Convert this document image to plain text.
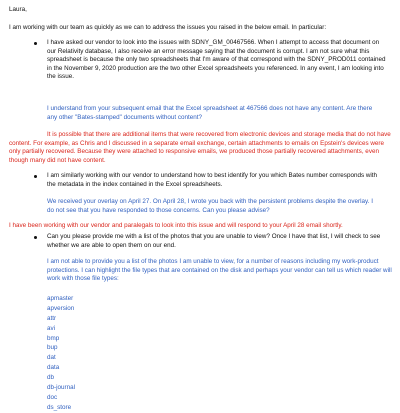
Laura,

I am working with our team as quickly as we can to address the issues you raised in the below email. In particular:

I have asked our vendor to look into the issues with SDNY_GM_00467566. When I attempt to access that document on our Relativity database, I also receive an error message saying that the document is corrupt. I am not sure what this spreadsheet is because the only two spreadsheets that I'm aware of that correspond with the SDNY_PROD011 contained in the November 9, 2020 production are the two other Excel spreadsheets you referenced. In any event, I am looking into the issue.

I understand from your subsequent email that the Excel spreadsheet at 467566 does not have any content. Are there any other "Bates-stamped" documents without content?

It is possible that there are additional items that were recovered from electronic devices and storage media that do not have content. For example, as Chris and I discussed in a separate email exchange, certain attachments to emails on Epstein's devices were only partially recovered. Because they were attached to responsive emails, we produced those partially recovered attachments, even though many did not have content.

I am similarly working with our vendor to understand how to best identify for you which Bates number corresponds with the metadata in the index contained in the Excel spreadsheets.

We received your overlay on April 27. On April 28, I wrote you back with the persistent problems despite the overlay. I do not see that you have responded to those concerns. Can you please advise?

I have been working with our vendor and paralegals to look into this issue and will respond to your April 28 email shortly.

Can you please provide me with a list of the photos that you are unable to view? Once I have that list, I will check to see whether we are able to open them on our end.

I am not able to provide you a list of the photos I am unable to view, for a number of reasons including my work-product protections. I can highlight the file types that are contained on the disk and perhaps your vendor can tell us which reader will work with those file types:

apmaster
apversion
attr
avi
bmp
bup
dat
data
db
db-journal
doc
ds_store
